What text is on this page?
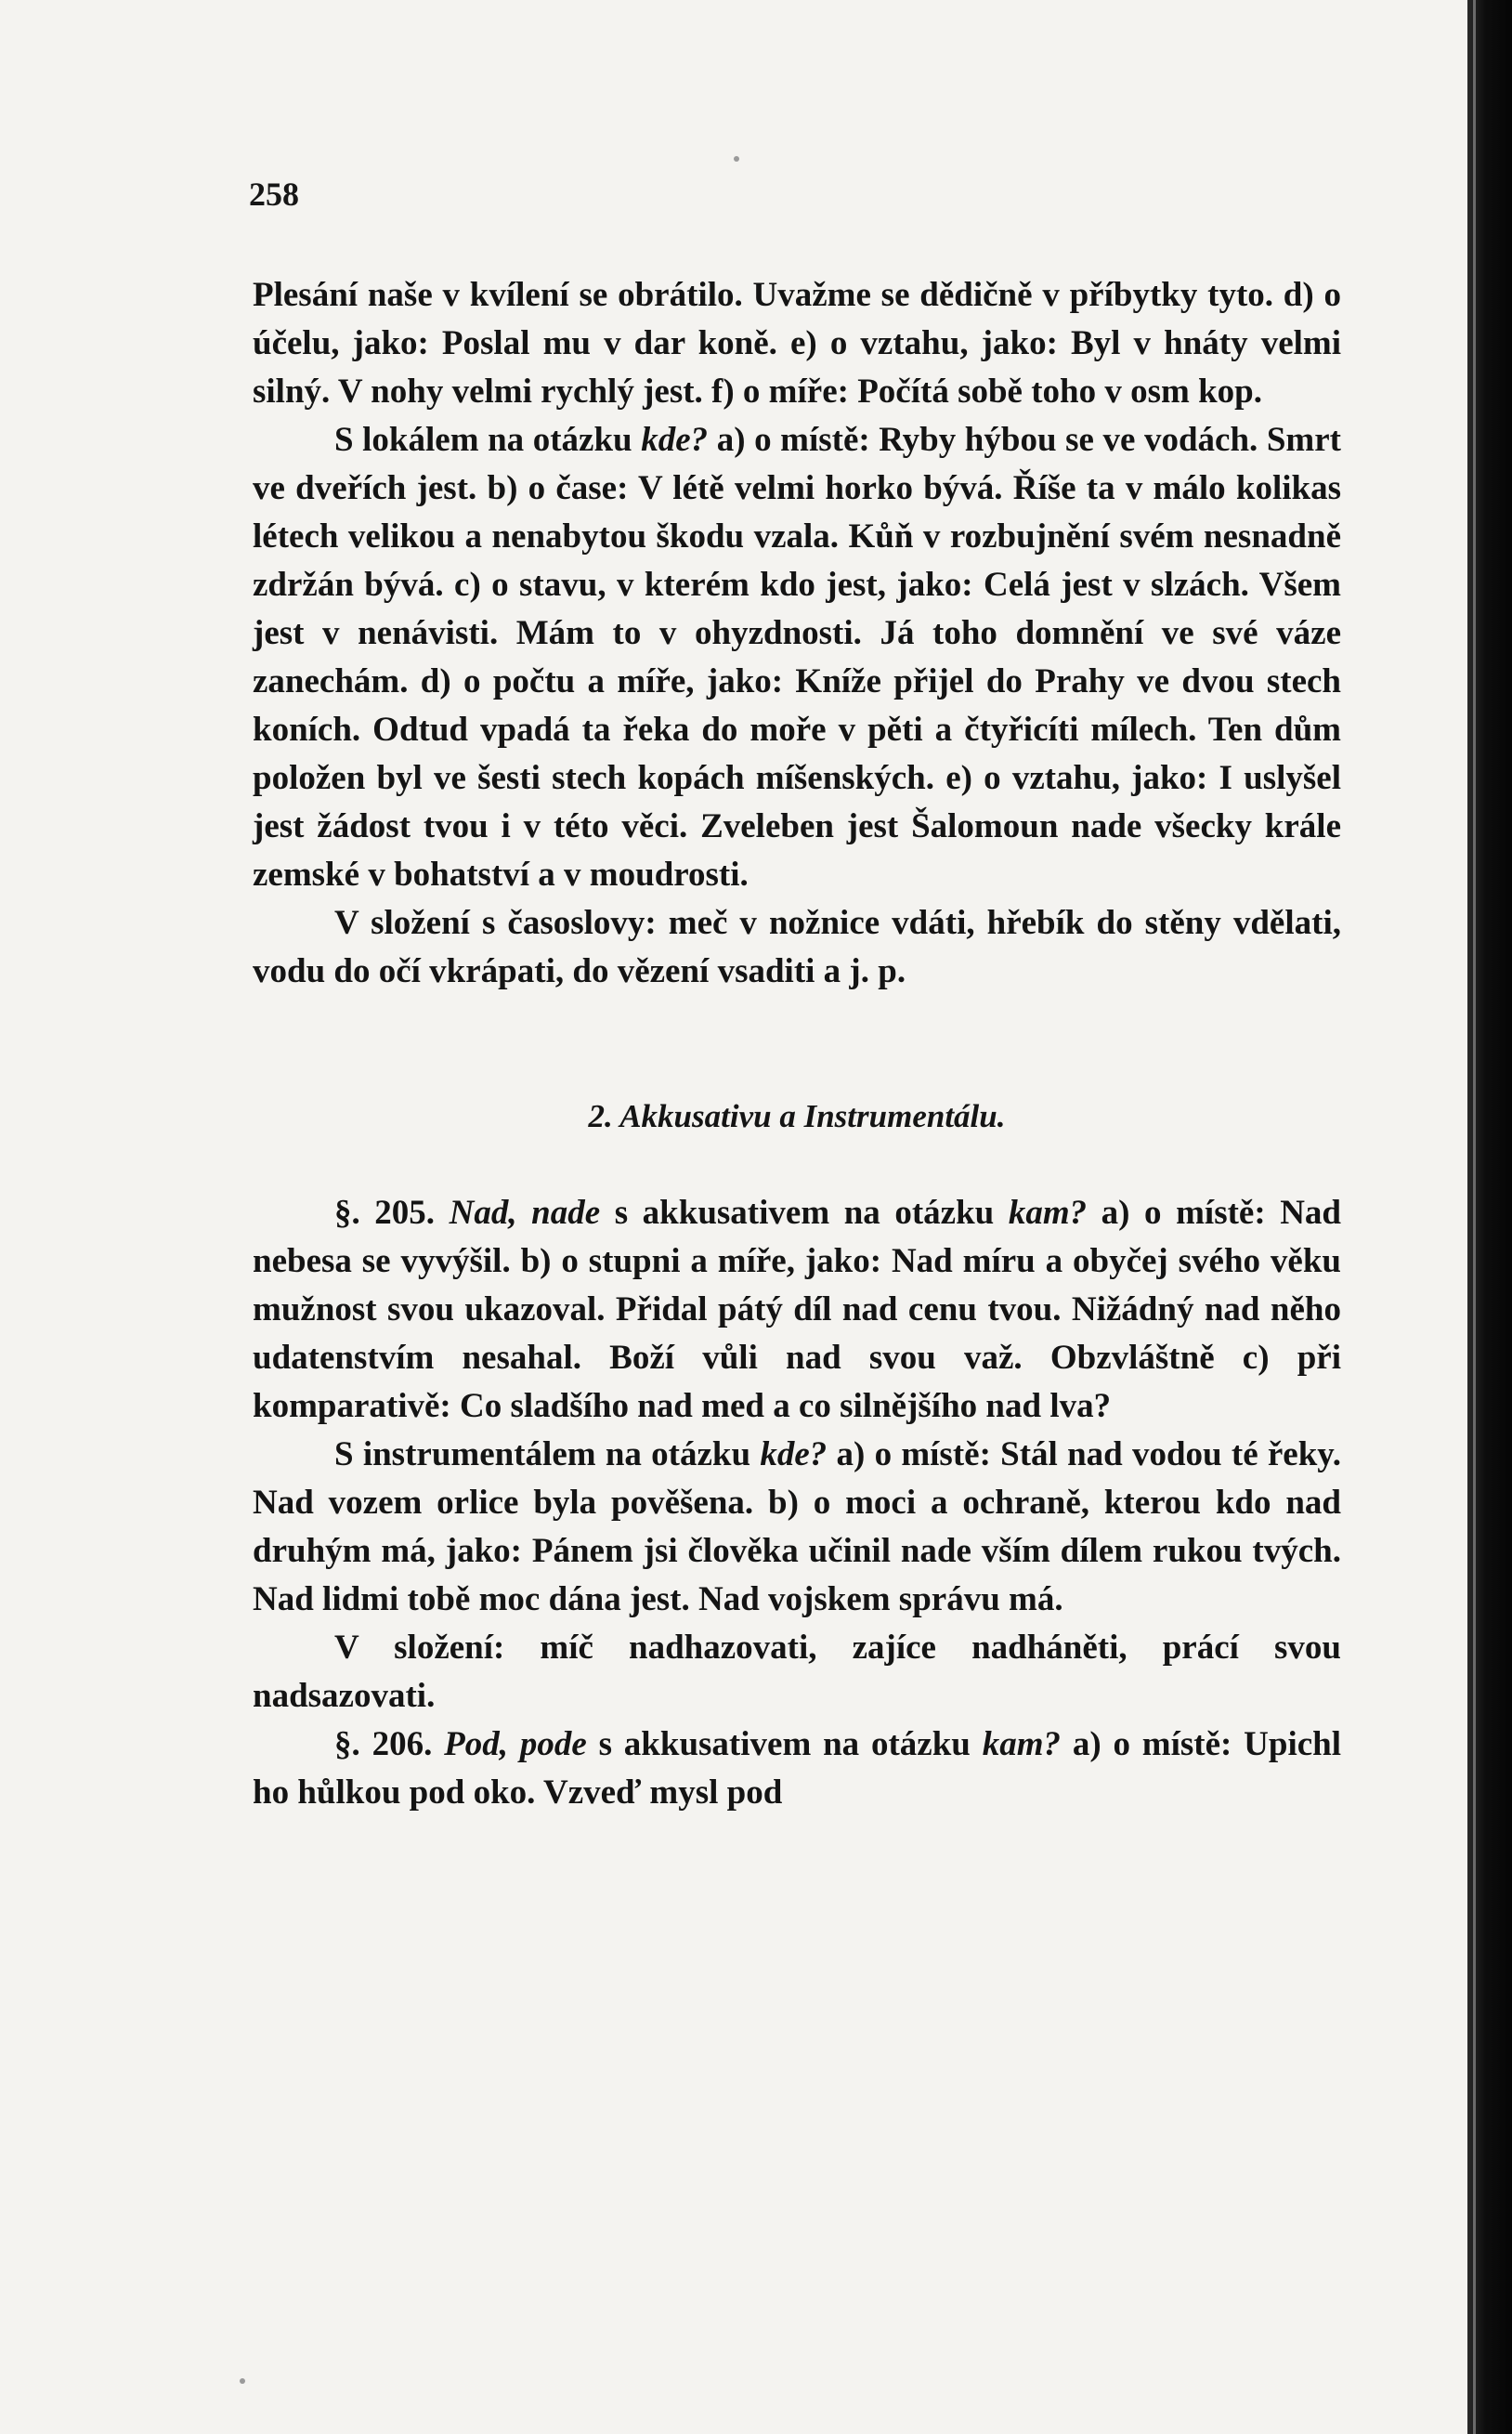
258

Plesání naše v kvílení se obrátilo. Uvažme se dědičně v příbytky tyto. d) o účelu, jako: Poslal mu v dar koně. e) o vztahu, jako: Byl v hnáty velmi silný. V nohy velmi rychlý jest. f) o míře: Počítá sobě toho v osm kop.

S lokálem na otázku kde? a) o místě: Ryby hýbou se ve vodách. Smrt ve dveřích jest. b) o čase: V létě velmi horko bývá. Říše ta v málo kolikas létech velikou a nenabytou škodu vzala. Kůň v rozbujnění svém nesnadně zdržán bývá. c) o stavu, v kterém kdo jest, jako: Celá jest v slzách. Všem jest v nenávisti. Mám to v ohyzdnosti. Já toho domnění ve své váze zanechám. d) o počtu a míře, jako: Kníže přijel do Prahy ve dvou stech koních. Odtud vpadá ta řeka do moře v pěti a čtyřicíti mílech. Ten dům položen byl ve šesti stech kopách míšenských. e) o vztahu, jako: I uslyšel jest žádost tvou i v této věci. Zveleben jest Šalomoun nade všecky krále zemské v bohatství a v moudrosti.

V složení s časoslovy: meč v nožnice vdáti, hřebík do stěny vdělati, vodu do očí vkrápati, do vězení vsaditi a j. p.

2. Akkusativu a Instrumentálu.

§. 205. Nad, nade s akkusativem na otázku kam? a) o místě: Nad nebesa se vyvýšil. b) o stupni a míře, jako: Nad míru a obyčej svého věku mužnost svou ukazoval. Přidal pátý díl nad cenu tvou. Nižádný nad něho udatenstvím nesahal. Boží vůli nad svou važ. Obzvláštně c) při komparativě: Co sladšího nad med a co silnějšího nad lva?

S instrumentálem na otázku kde? a) o místě: Stál nad vodou té řeky. Nad vozem orlice byla pověšena. b) o moci a ochraně, kterou kdo nad druhým má, jako: Pánem jsi člověka učinil nade vším dílem rukou tvých. Nad lidmi tobě moc dána jest. Nad vojskem správu má.

V složení: míč nadhazovati, zajíce nadháněti, prácí svou nadsazovati.

§. 206. Pod, pode s akkusativem na otázku kam? a) o místě: Upichl ho hůlkou pod oko. Vzveď mysl pod
